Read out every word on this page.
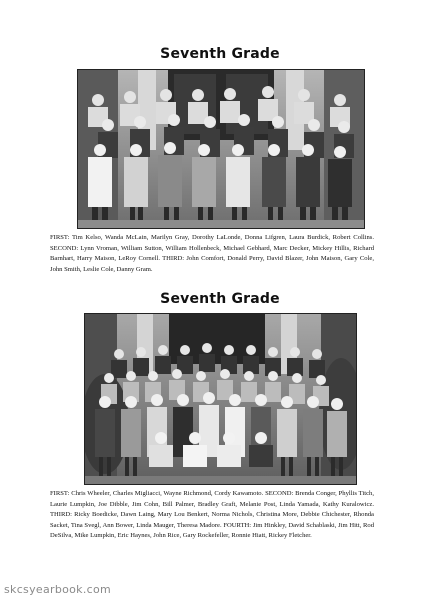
Seventh Grade
FIRST: Tim Kelso, Wanda McLain, Marilyn Gray, Dorothy LaLonde, Donna Lifgren, Laura Burdick, Robert Collins. SECOND: Lynn Vroman, William Sutton, William Hollenbeck, Michael Gebhard, Marc Decker, Mickey Hillis, Richard Barnhart, Harry Maison, LeRoy Cornell. THIRD: John Comfort, Donald Perry, David Blazer, John Maison, Gary Cole, John Smith, Leslie Cole, Danny Gram.
Seventh Grade
FIRST: Chris Wheeler, Charles Migliacci, Wayne Richmond, Cordy Kawamoto. SECOND: Brenda Conger, Phyllis Titch, Laurie Lumpkin, Joe Dibble, Jim Cohn, Bill Palmer, Bradley Graft, Melanie Post, Linda Yamada, Kathy Kuralowicz. THIRD: Ricky Boedicke, Dawn Laing, Mary Lou Benkert, Norma Nichols, Christina More, Debbie Chichester, Rhonda Sacket, Tina Svegl, Ann Bower, Linda Mauger, Theresa Madore. FOURTH: Jim Hinkley, David Schablaski, Jim Hitt, Rod DeSilva, Mike Lumpkin, Eric Haynes, John Rice, Gary Rockefeller, Ronnie Hiatt, Rickey Fletcher.
skcsyearbook.com
